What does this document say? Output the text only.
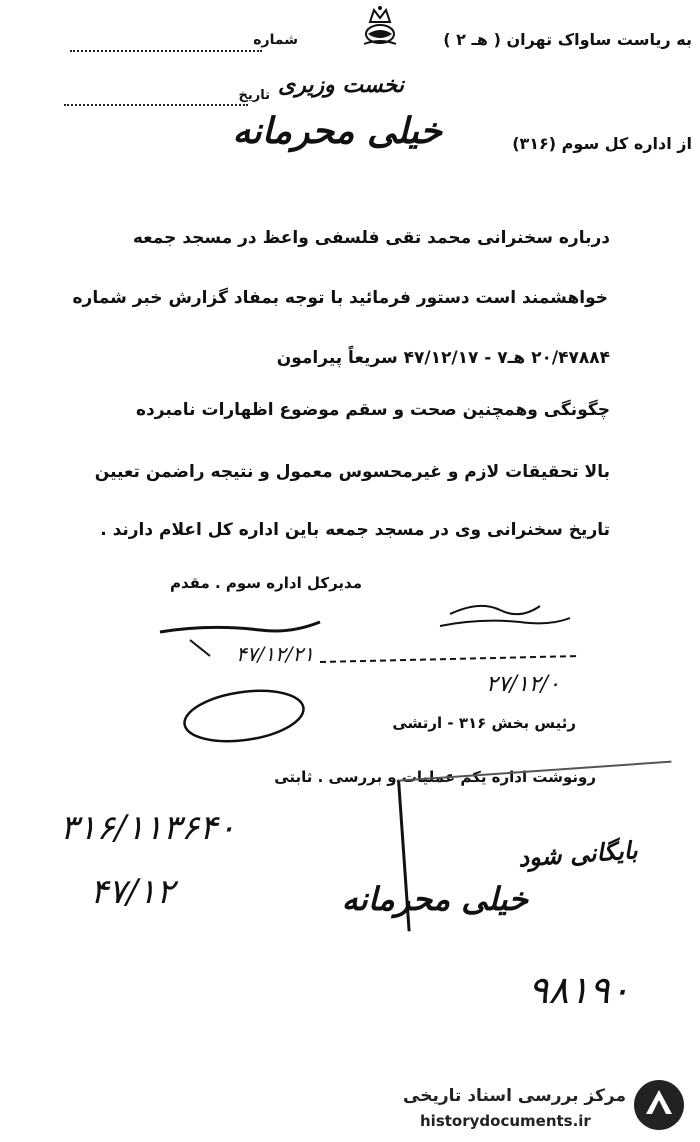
به ریاست ساواک تهران ( هـ ۲ )
شماره
تاریخ نخست وزیری
از اداره کل سوم (۳۱۶)
خیلی محرمانه
درباره سخنرانی محمد تقی فلسفی واعظ در مسجد جمعه
خواهشمند است دستور فرمائید با توجه بمفاد گزارش خبر شماره
۲۰/۴۷۸۸۴ هـ۷ - ۴۷/۱۲/۱۷ سریعاً پیرامون
چگونگی وهمچنین صحت و سقم موضوع اظهارات نامبرده
بالا تحقیقات لازم و غیرمحسوس معمول و نتیجه راضمن تعیین
تاریخ سخنرانی وی در مسجد جمعه باین اداره کل اعلام دارند .
مدیرکل اداره سوم . مقدم
۴۷/۱۲/۲۱
۲۷/۱۲/۰
رئیس بخش ۳۱۶ - ارتشی
رونوشت اداره یکم عملیات و بررسی . ثابتی
بایگانی شود
۳۱۶/۱۱۳۶۴۰
۴۷/۱۲	خیلی محرمانه
۹۸۱۹۰
مرکز بررسی اسناد تاریخی
historydocuments.ir
